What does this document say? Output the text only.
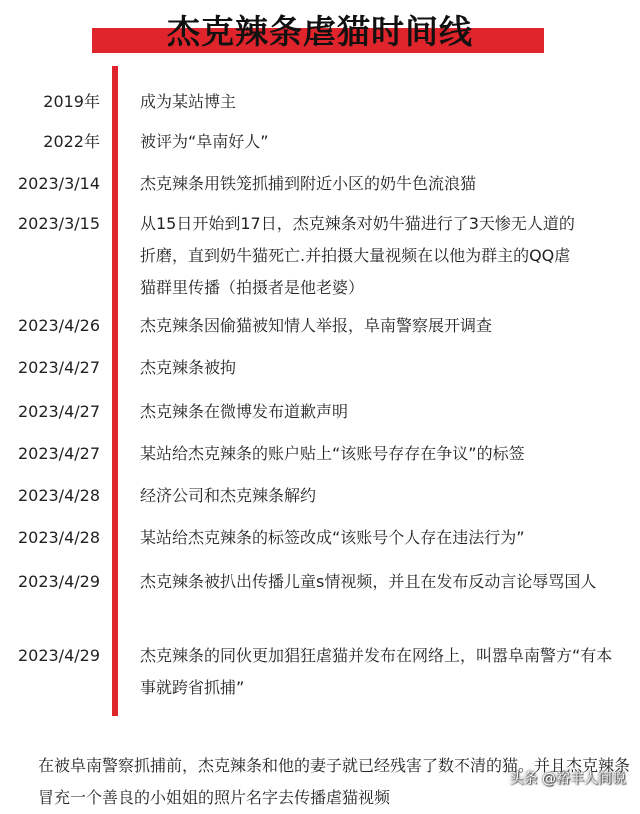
杰克辣条虐猫时间线
2019年	成为某站博主
2022年	被评为“阜南好人”
2023/3/14	杰克辣条用铁笼抓捕到附近小区的奶牛色流浪猫
2023/3/15	从15日开始到17日，杰克辣条对奶牛猫进行了3天惨无人道的折磨，直到奶牛猫死亡.并拍摄大量视频在以他为群主的QQ虐猫群里传播（拍摄者是他老婆）
2023/4/26	杰克辣条因偷猫被知情人举报，阜南警察展开调查
2023/4/27	杰克辣条被拘
2023/4/27	杰克辣条在微博发布道歉声明
2023/4/27	某站给杰克辣条的账户贴上“该账号存存在争议”的标签
2023/4/28	经济公司和杰克辣条解约
2023/4/28	某站给杰克辣条的标签改成“该账号个人存在违法行为”
2023/4/29	杰克辣条被扒出传播儿童s情视频，并且在发布反动言论辱骂国人
2023/4/29	杰克辣条的同伙更加猖狂虐猫并发布在网络上，叫嚣阜南警方“有本事就跨省抓捕”
在被阜南警察抓捕前，杰克辣条和他的妻子就已经残害了数不清的猫。并且杰克辣条冒充一个善良的小姐姐的照片名字去传播虐猫视频
头条 @裕丰人间说
